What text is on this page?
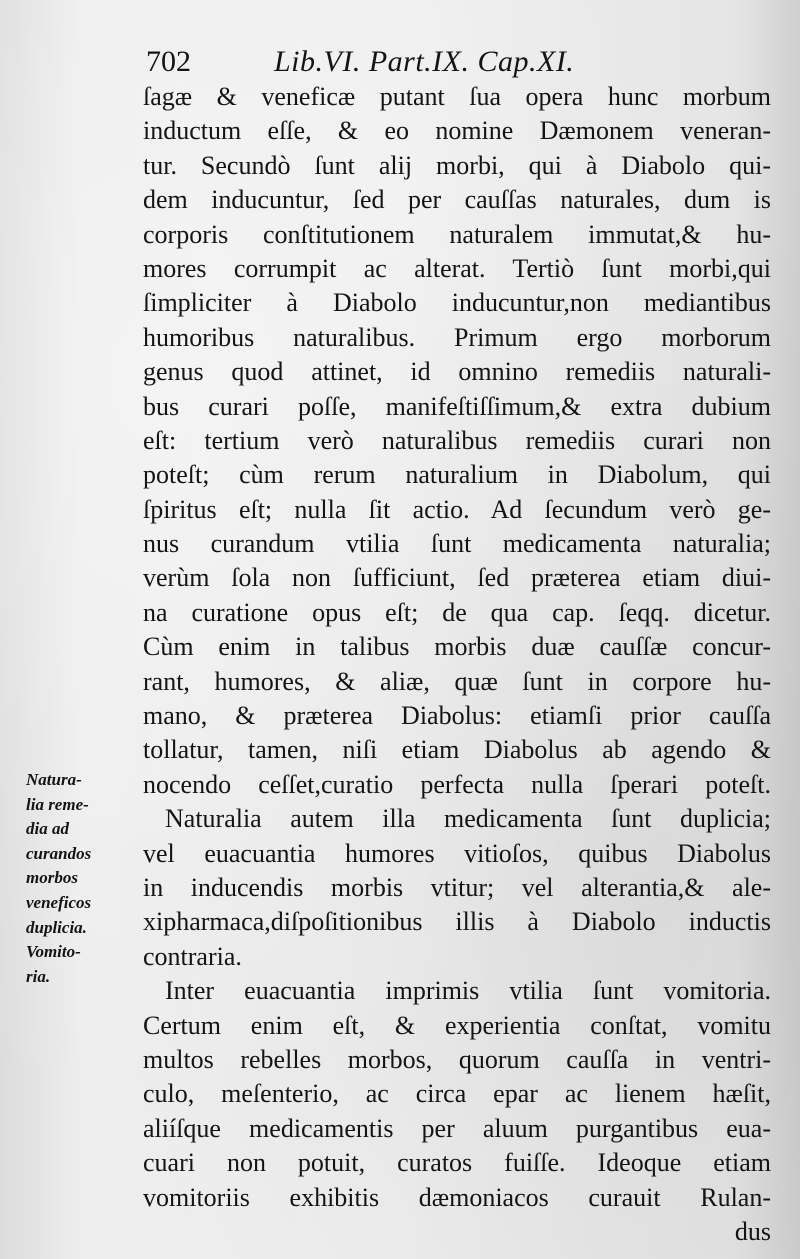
702	Lib.VI. Part.IX. Cap.XI.
ſagæ & veneficæ putant ſua opera hunc morbum
inductum eſſe, & eo nomine Dæmonem veneran-
tur. Secundò ſunt alij morbi, qui à Diabolo qui-
dem inducuntur, ſed per cauſſas naturales, dum is
corporis conſtitutionem naturalem immutat,& hu-
mores corrumpit ac alterat. Tertiò ſunt morbi,qui
ſimpliciter à Diabolo inducuntur,non mediantibus
humoribus naturalibus. Primum ergo morborum
genus quod attinet, id omnino remediis naturali-
bus curari poſſe, manifeſtiſſimum,& extra dubium
eſt: tertium verò naturalibus remediis curari non
poteſt; cùm rerum naturalium in Diabolum, qui
ſpiritus eſt; nulla ſit actio. Ad ſecundum verò ge-
nus curandum vtilia ſunt medicamenta naturalia;
verùm ſola non ſufficiunt, ſed præterea etiam diui-
na curatione opus eſt; de qua cap. ſeqq. dicetur.
Cùm enim in talibus morbis duæ cauſſæ concur-
rant, humores, & aliæ, quæ ſunt in corpore hu-
mano, & præterea Diabolus: etiamſi prior cauſſa
tollatur, tamen, niſi etiam Diabolus ab agendo &
nocendo ceſſet,curatio perfecta nulla ſperari poteſt.
Naturalia autem illa medicamenta ſunt duplicia;
vel euacuantia humores vitioſos, quibus Diabolus
in inducendis morbis vtitur; vel alterantia,& ale-
xipharmaca,diſpoſitionibus illis à Diabolo inductis
contraria.
Inter euacuantia imprimis vtilia ſunt vomitoria.
Certum enim eſt, & experientia conſtat, vomitu
multos rebelles morbos, quorum cauſſa in ventri-
culo, meſenterio, ac circa epar ac lienem hæſit,
aliíſque medicamentis per aluum purgantibus eua-
cuari non potuit, curatos fuiſſe. Ideoque etiam
vomitoriis exhibitis dæmoniacos curauit Rulan-
dus
Natura-
lia reme-
dia ad
curandos
morbos
veneficos
duplicia.
Vomito-
ria.
